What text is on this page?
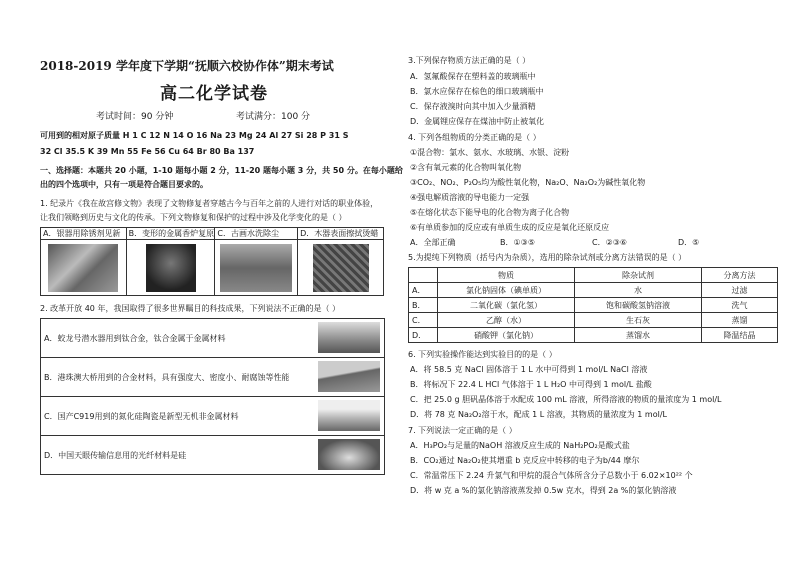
2018-2019 学年度下学期“抚顺六校协作体”期末考试
高二化学试卷
考试时间：90 分钟	考试满分：100 分
可用到的相对原子质量 H 1 C 12 N 14 O 16 Na 23 Mg 24 Al 27 Si 28 P 31 S
32 Cl 35.5 K 39 Mn 55 Fe 56 Cu 64 Br 80 Ba 137
一、选择题：本题共 20 小题，1-10 题每小题 2 分，11-20 题每小题 3 分，共 50 分。在每小题给
出的四个选项中，只有一项是符合题目要求的。
1. 纪录片《我在故宫修文物》表现了文物修复者穿越古今与百年之前的人进行对话的职业体验，
让我们领略到历史与文化的传承。下列文物修复和保护的过程中涉及化学变化的是（ ）
A．银器用除锈剂见新	B．变形的金属香炉复原	C．古画水洗除尘	D．木器表面擦拭烫蜡

2. 改革开放 40 年，我国取得了很多世界瞩目的科技成果，下列说法不正确的是（ ）
A．蛟龙号潜水器用到钛合金，钛合金属于金属材料
B．港珠澳大桥用到的合金材料，具有强度大、密度小、耐腐蚀等性能
C．国产C919用到的氮化硅陶瓷是新型无机非金属材料
D．中国天眼传输信息用的光纤材料是硅
3.下列保存物质方法正确的是（ ）
A．氢氟酸保存在塑料盖的玻璃瓶中
B．氯水应保存在棕色的细口玻璃瓶中
C．保存液溴时向其中加入少量酒精
D．金属锂应保存在煤油中防止被氧化
4. 下列各组物质的分类正确的是（ ）
①混合物：氯水、氨水、水玻璃、水银、淀粉
②含有氧元素的化合物叫氧化物
③CO₂、NO₂、P₂O₅均为酸性氧化物，Na₂O、Na₂O₂为碱性氧化物
④强电解质溶液的导电能力一定强
⑤在熔化状态下能导电的化合物为离子化合物
⑥有单质参加的反应或有单质生成的反应是氧化还原反应
A．全部正确	B．①③⑤	C．②③⑥	D．⑤
5.为提纯下列物质（括号内为杂质），选用的除杂试剂或分离方法错误的是（ ）
	物质	除杂试剂	分离方法
A．	氯化钠固体（碘单质）	水	过滤
B．	二氧化碳（氯化氢）	饱和碳酸氢钠溶液	洗气
C．	乙醇（水）	生石灰	蒸馏
D．	硝酸钾（氯化钠）	蒸馏水	降温结晶
6. 下列实验操作能达到实验目的的是（ ）
A．将 58.5 克 NaCl 固体溶于 1 L 水中可得到 1 mol/L NaCl 溶液
B．将标况下 22.4 L HCl 气体溶于 1 L H₂O 中可得到 1 mol/L 盐酸
C．把 25.0 g 胆矾晶体溶于水配成 100 mL 溶液，所得溶液的物质的量浓度为 1 mol/L
D．将 78 克 Na₂O₂溶于水，配成 1 L 溶液，其物质的量浓度为 1 mol/L
7. 下列说法一定正确的是（ ）
A．H₃PO₂与足量的NaOH 溶液反应生成的 NaH₂PO₂是酸式盐
B．CO₂通过 Na₂O₂使其增重 b 克反应中转移的电子为b/44 摩尔
C．常温常压下 2.24 升氯气和甲烷的混合气体所含分子总数小于 6.02×10²² 个
D．将 w 克 a %的氯化钠溶液蒸发掉 0.5w 克水，得到 2a %的氯化钠溶液
